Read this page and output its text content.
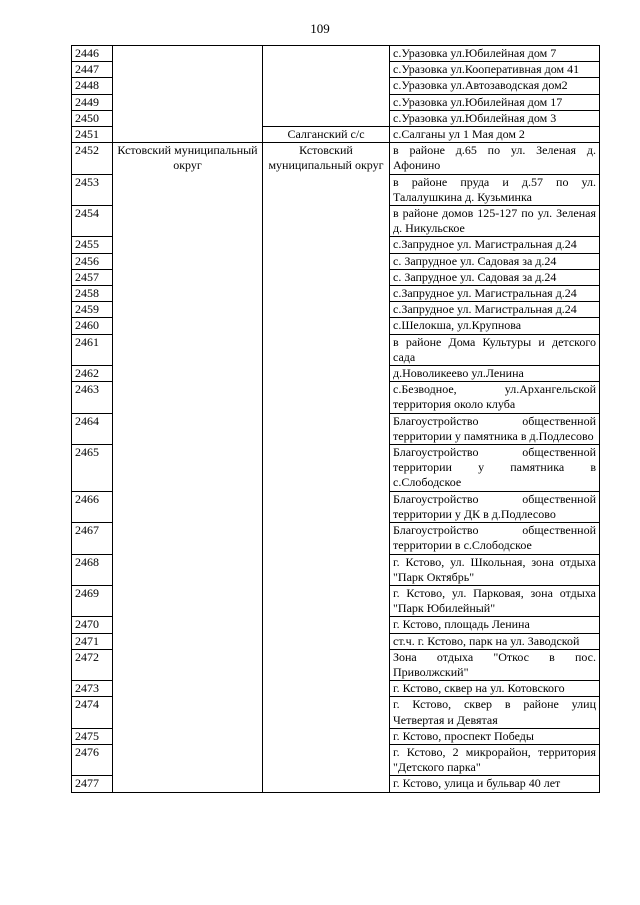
109
2446			с.Уразовка ул.Юбилейная дом 7
2447			с.Уразовка ул.Кооперативная дом 41
2448			с.Уразовка ул.Автозаводская дом2
2449			с.Уразовка ул.Юбилейная дом 17
2450			с.Уразовка ул.Юбилейная дом 3
2451		Салганский с/с	с.Салганы ул 1 Мая дом 2
2452	Кстовский муниципальный округ	Кстовский муниципальный округ	в районе д.65 по ул. Зеленая д. Афонино
2453			в районе пруда и д.57 по ул. Талалушкина д. Кузьминка
2454			в районе домов 125-127 по ул. Зеленая д. Никульское
2455			с.Запрудное ул. Магистральная д.24
2456			с. Запрудное ул. Садовая за д.24
2457			с. Запрудное ул. Садовая за д.24
2458			с.Запрудное ул. Магистральная д.24
2459			с.Запрудное ул. Магистральная д.24
2460			с.Шелокша, ул.Крупнова
2461			в районе Дома Культуры и детского сада
2462			д.Новоликеево ул.Ленина
2463			с.Безводное, ул.Архангельской территория около клуба
2464			Благоустройство общественной территории у памятника в д.Подлесово
2465			Благоустройство общественной территории у памятника в с.Слободское
2466			Благоустройство общественной территории у ДК в д.Подлесово
2467			Благоустройство общественной территории в с.Слободское
2468			г. Кстово, ул. Школьная, зона отдыха "Парк Октябрь"
2469			г. Кстово, ул. Парковая, зона отдыха "Парк Юбилейный"
2470			г. Кстово, площадь Ленина
2471			ст.ч. г. Кстово, парк на ул. Заводской
2472			Зона отдыха "Откос в пос. Приволжский"
2473			г. Кстово, сквер на ул. Котовского
2474			г. Кстово, сквер в районе улиц Четвертая и Девятая
2475			г. Кстово, проспект Победы
2476			г. Кстово, 2 микрорайон, территория "Детского парка"
2477			г. Кстово, улица и бульвар 40 лет
